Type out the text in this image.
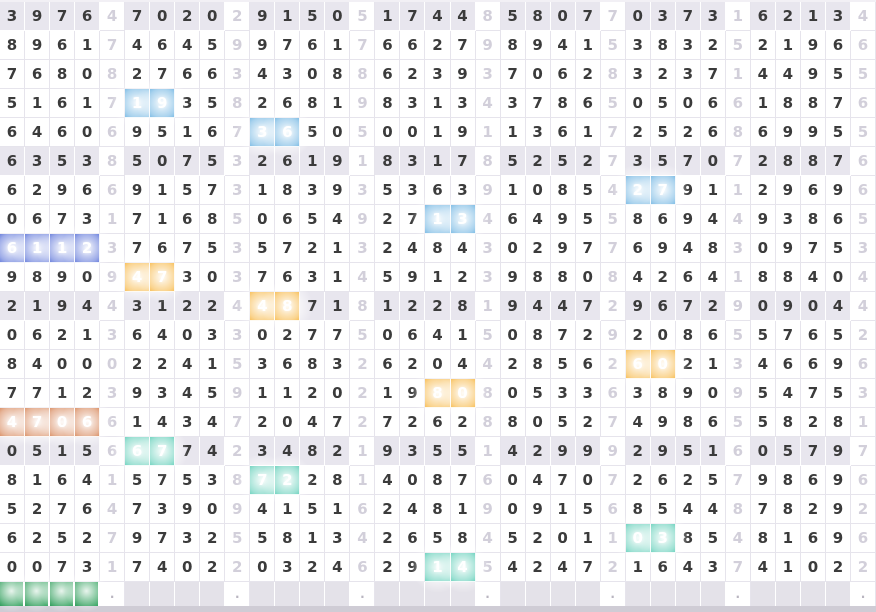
3 9 7 6 4 7 0 2 0 2 9 1 5 0 5 1 7 4 4 8 5 8 0 7 7 0 3 7 3 1 6 2 1 3 4
8 9 6 1 7 4 6 4 5 9 9 7 6 1 7 6 6 2 7 9 8 9 4 1 5 3 8 3 2 5 2 1 9 6 6
7 6 8 0 8 2 7 6 6 3 4 3 0 8 8 6 2 3 9 3 7 0 6 2 8 3 2 3 7 1 4 4 9 5 5
5 1 6 1 7 1 9 3 5 8 2 6 8 1 9 8 3 1 3 4 3 7 8 6 5 0 5 0 6 6 1 8 8 7 6
6 4 6 0 6 9 5 1 6 7 3 6 5 0 5 0 0 1 9 1 1 3 6 1 7 2 5 2 6 8 6 9 9 5 5
6 3 5 3 8 5 0 7 5 3 2 6 1 9 1 8 3 1 7 8 5 2 5 2 7 3 5 7 0 7 2 8 8 7 6
6 2 9 6 6 9 1 5 7 3 1 8 3 9 3 5 3 6 3 9 1 0 8 5 4 2 7 9 1 1 2 9 6 9 6
0 6 7 3 1 7 1 6 8 5 0 6 5 4 9 2 7 1 3 4 6 4 9 5 5 8 6 9 4 4 9 3 8 6 5
6 1 1 2 3 7 6 7 5 3 5 7 2 1 3 2 4 8 4 3 0 2 9 7 7 6 9 4 8 3 0 9 7 5 3
9 8 9 0 9 4 7 3 0 3 7 6 3 1 4 5 9 1 2 3 9 8 8 0 8 4 2 6 4 1 8 8 4 0 4
2 1 9 4 4 3 1 2 2 4 4 8 7 1 8 1 2 2 8 1 9 4 4 7 2 9 6 7 2 9 0 9 0 4 4
0 6 2 1 3 6 4 0 3 3 0 2 7 7 5 0 6 4 1 5 0 8 7 2 9 2 0 8 6 5 5 7 6 5 2
8 4 0 0 0 2 2 4 1 5 3 6 8 3 2 6 2 0 4 4 2 8 5 6 2 6 0 2 1 3 4 6 6 9 6
7 7 1 2 3 9 3 4 5 9 1 1 2 0 2 1 9 8 0 8 0 5 3 3 6 3 8 9 0 9 5 4 7 5 3
4 7 0 6 6 1 4 3 4 7 2 0 4 7 2 7 2 6 2 8 8 0 5 2 7 4 9 8 6 5 5 8 2 8 1
0 5 1 5 6 6 7 7 4 2 3 4 8 2 1 9 3 5 5 1 4 2 9 9 9 2 9 5 1 6 0 5 7 9 7
8 1 6 4 1 5 7 5 3 8 7 2 2 8 1 4 0 8 7 6 0 4 7 0 7 2 6 2 5 7 9 8 6 9 6
5 2 7 6 4 7 3 9 0 9 4 1 5 1 6 2 4 8 1 9 0 9 1 5 6 8 5 4 4 8 7 8 2 9 2
6 2 5 2 7 9 7 3 2 5 5 8 1 3 4 2 6 5 8 4 5 2 0 1 1 0 3 8 5 4 8 1 6 9 6
0 0 7 3 1 7 4 0 2 2 0 3 2 4 6 2 9 1 4 5 4 2 4 7 2 1 6 4 3 7 4 1 0 2 2
.	.	.	.	.	.	.
